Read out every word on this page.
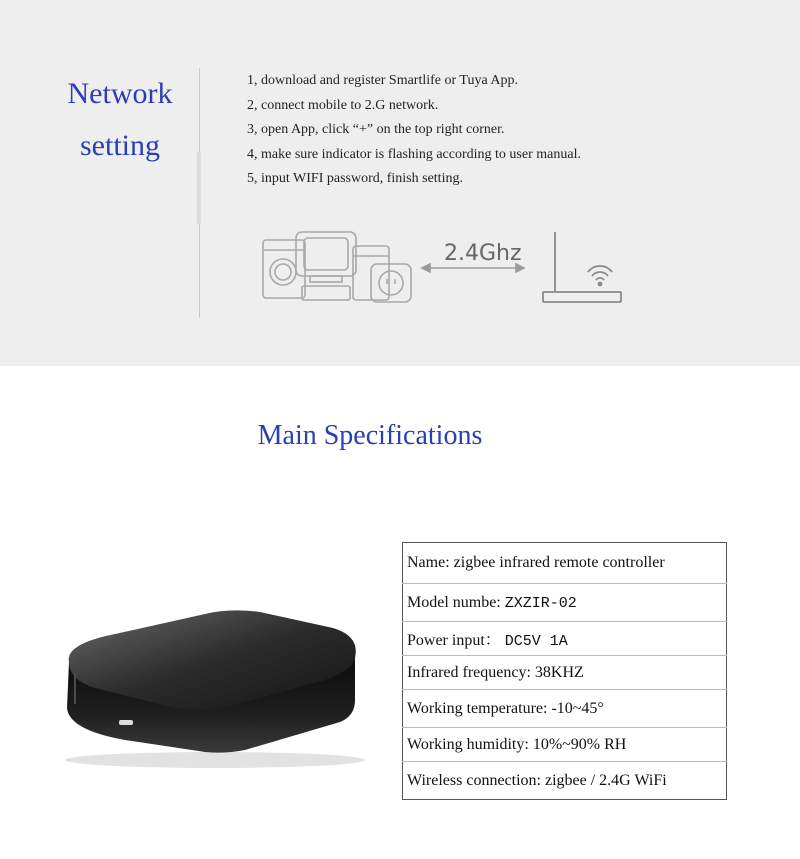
Network
setting
1, download and register Smartlife or Tuya App.
2, connect mobile to 2.G network.
3, open App, click “+” on the top right corner.
4, make sure indicator is flashing according to user manual.
5, input WIFI password, finish setting.
2.4Ghz
Main Specifications
Name: zigbee infrared remote controller
Model numbe: ZXZIR-02
Power input： DC5V 1A
Infrared frequency: 38KHZ
Working temperature: -10~45°
Working humidity: 10%~90% RH
Wireless connection: zigbee / 2.4G WiFi
